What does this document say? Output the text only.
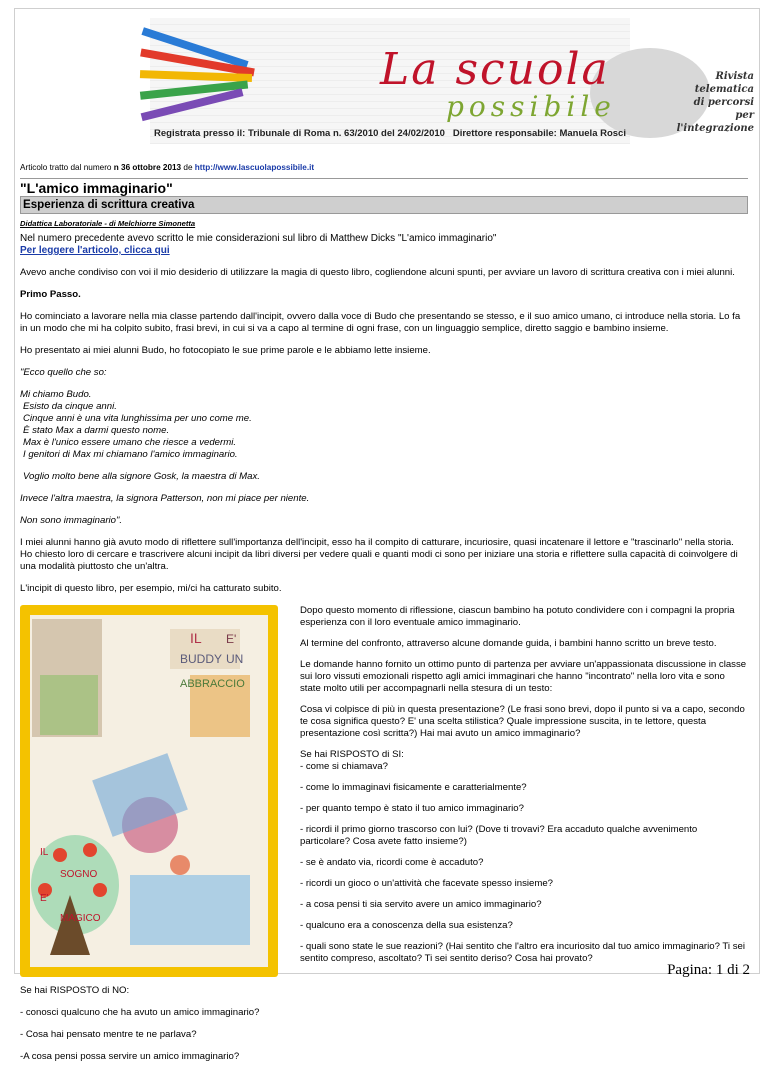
La scuola
possibile
Rivista
telematica
di percorsi
per l'integrazione
Registrata presso il: Tribunale di Roma n. 63/2010 del 24/02/2010 Direttore responsabile: Manuela Rosci
Articolo tratto dal numero n 36 ottobre 2013 de http://www.lascuolapossibile.it
"L'amico immaginario"
Esperienza di scrittura creativa
Didattica Laboratoriale - di Melchiorre Simonetta
Nel numero precedente avevo scritto le mie considerazioni sul libro di Matthew Dicks "L'amico immaginario"
Per leggere l'articolo, clicca qui

Avevo anche condiviso con voi il mio desiderio di utilizzare la magia di questo libro, cogliendone alcuni spunti, per avviare un lavoro di scrittura creativa con i miei alunni.

Primo Passo.

Ho cominciato a lavorare nella mia classe partendo dall'incipit, ovvero dalla voce di Budo che presentando se stesso, e il suo amico umano, ci introduce nella storia. Lo fa in un modo che mi ha colpito subito, frasi brevi, in cui si va a capo al termine di ogni frase, con un linguaggio semplice, diretto saggio e bambino insieme.

Ho presentato ai miei alunni Budo, ho fotocopiato le sue prime parole e le abbiamo lette insieme.

"Ecco quello che so:

Mi chiamo Budo.
Esisto da cinque anni.
Cinque anni è una vita lunghissima per uno come me.
È stato Max a darmi questo nome.
Max è l'unico essere umano che riesce a vedermi.
I genitori di Max mi chiamano l'amico immaginario.

Voglio molto bene alla signore Gosk, la maestra di Max.

Invece l'altra maestra, la signora Patterson, non mi piace per niente.

Non sono immaginario".

I miei alunni hanno già avuto modo di riflettere sull'importanza dell'incipit, esso ha il compito di catturare, incuriosire, quasi incatenare il lettore e "trascinarlo" nella storia. Ho chiesto loro di cercare e trascrivere alcuni incipit da libri diversi per vedere quali e quanti modi ci sono per iniziare una storia e riflettere sulla capacità di coinvolgere di una modalità piuttosto che un'altra.

L'incipit di questo libro, per esempio, mi/ci ha catturato subito.

IL E'
BUDDY UN
ABBRACCIO
IL
SOGNO
E'
MAGICO

Dopo questo momento di riflessione, ciascun bambino ha potuto condividere con i compagni la propria esperienza con il loro eventuale amico immaginario.

Al termine del confronto, attraverso alcune domande guida, i bambini hanno scritto un breve testo.

Le domande hanno fornito un ottimo punto di partenza per avviare un'appassionata discussione in classe sui loro vissuti emozionali rispetto agli amici immaginari che hanno "incontrato" nella loro vita e sono state molto utili per accompagnarli nella stesura di un testo:

Cosa vi colpisce di più in questa presentazione? (Le frasi sono brevi, dopo il punto si va a capo, secondo te cosa significa questo? E' una scelta stilistica? Quale impressione suscita, in te lettore, questa presentazione così scritta?) Hai mai avuto un amico immaginario?

Se hai RISPOSTO di SI:
- come si chiamava?

- come lo immaginavi fisicamente e caratterialmente?

- per quanto tempo è stato il tuo amico immaginario?

- ricordi il primo giorno trascorso con lui? (Dove ti trovavi? Era accaduto qualche avvenimento particolare? Cosa avete fatto insieme?)

- se è andato via, ricordi come è accaduto?

- ricordi un gioco o un'attività che facevate spesso insieme?

- a cosa pensi ti sia servito avere un amico immaginario?

- qualcuno era a conoscenza della sua esistenza?

- quali sono state le sue reazioni? (Hai sentito che l'altro era incuriosito dal tuo amico immaginario? Ti sei sentito compreso, ascoltato? Ti sei sentito deriso? Cosa hai provato?

Se hai RISPOSTO di NO:

- conosci qualcuno che ha avuto un amico immaginario?

- Cosa hai pensato mentre te ne parlava?

-A cosa pensi possa servire un amico immaginario?

Pagina: 1 di 2
